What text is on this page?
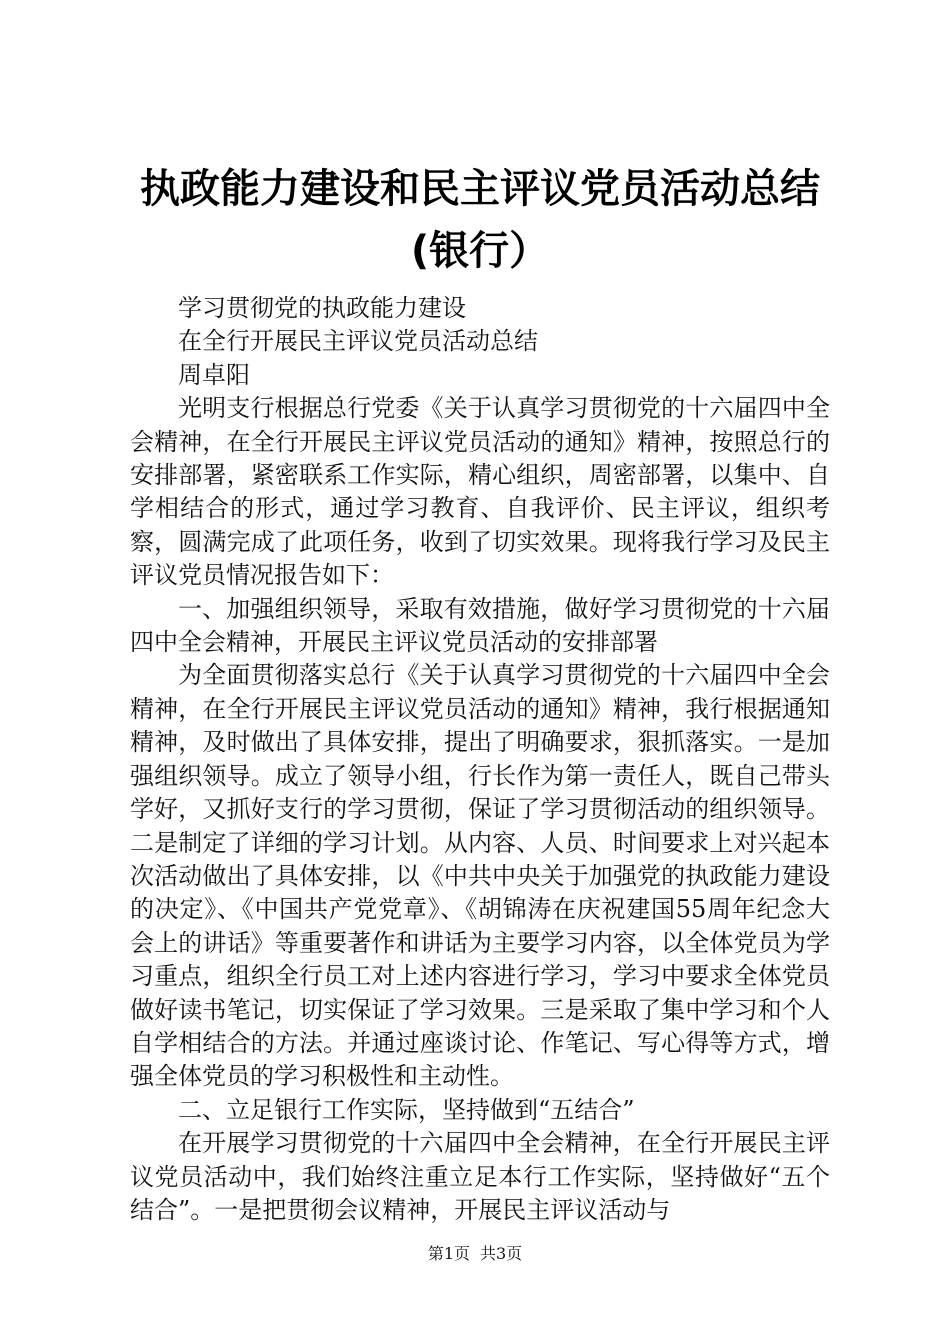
执政能力建设和民主评议党员活动总结(银行）

学习贯彻党的执政能力建设

在全行开展民主评议党员活动总结

周卓阳

光明支行根据总行党委《关于认真学习贯彻党的十六届四中全会精神，在全行开展民主评议党员活动的通知》精神，按照总行的安排部署，紧密联系工作实际，精心组织，周密部署，以集中、自学相结合的形式，通过学习教育、自我评价、民主评议，组织考察，圆满完成了此项任务，收到了切实效果。现将我行学习及民主评议党员情况报告如下：

一、加强组织领导，采取有效措施，做好学习贯彻党的十六届四中全会精神，开展民主评议党员活动的安排部署

为全面贯彻落实总行《关于认真学习贯彻党的十六届四中全会精神，在全行开展民主评议党员活动的通知》精神，我行根据通知精神，及时做出了具体安排，提出了明确要求，狠抓落实。一是加强组织领导。成立了领导小组，行长作为第一责任人，既自己带头学好，又抓好支行的学习贯彻，保证了学习贯彻活动的组织领导。二是制定了详细的学习计划。从内容、人员、时间要求上对兴起本次活动做出了具体安排，以《中共中央关于加强党的执政能力建设的决定》、《中国共产党党章》、《胡锦涛在庆祝建国55周年纪念大会上的讲话》等重要著作和讲话为主要学习内容，以全体党员为学习重点，组织全行员工对上述内容进行学习，学习中要求全体党员做好读书笔记，切实保证了学习效果。三是采取了集中学习和个人自学相结合的方法。并通过座谈讨论、作笔记、写心得等方式，增强全体党员的学习积极性和主动性。

二、立足银行工作实际，坚持做到“五结合”

在开展学习贯彻党的十六届四中全会精神，在全行开展民主评议党员活动中，我们始终注重立足本行工作实际，坚持做好“五个结合”。一是把贯彻会议精神，开展民主评议活动与

第1页 共3页
